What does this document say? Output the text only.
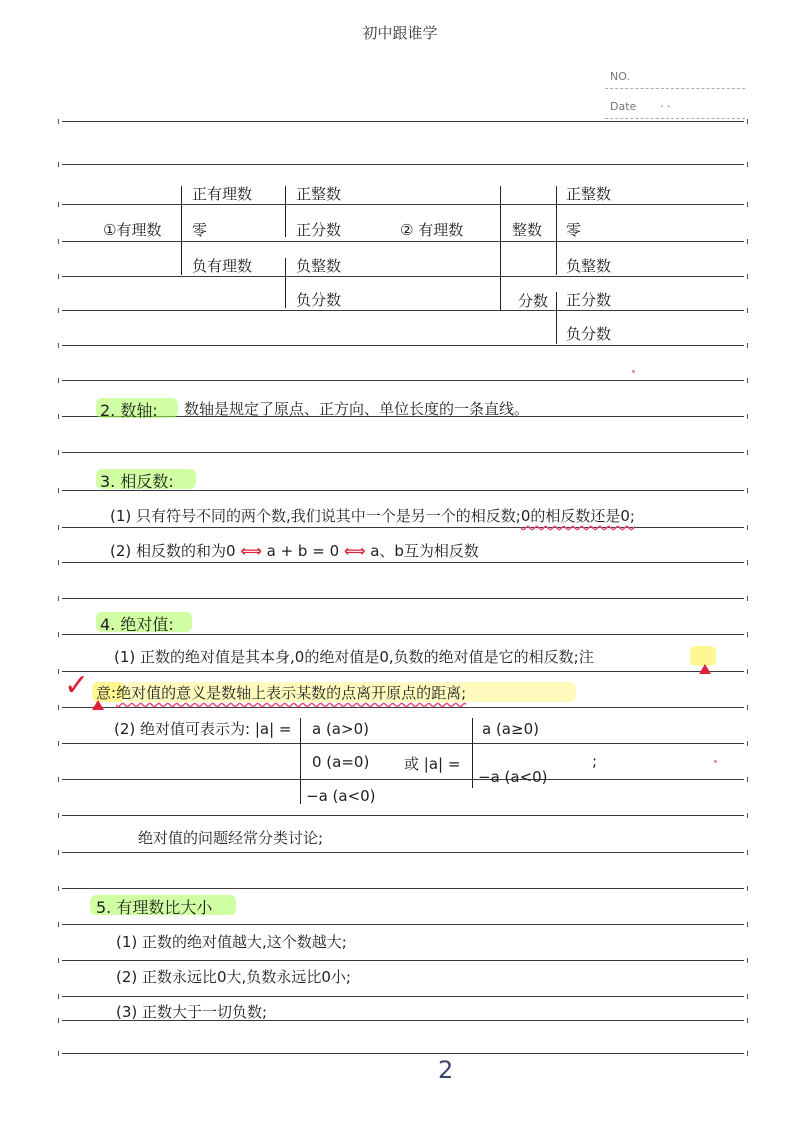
初中跟谁学
NO.
Date · ·
①有理数
正有理数
零
负有理数
正整数
正分数
负整数
负分数
② 有理数	整数
分数
正整数
零
负整数
正分数
负分数
2. 数轴: 数轴是规定了原点、正方向、单位长度的一条直线。
3. 相反数:
(1) 只有符号不同的两个数,我们说其中一个是另一个的相反数;0的相反数还是0;
(2) 相反数的和为0 ⟺ a + b = 0 ⟺ a、b互为相反数
4. 绝对值:
(1) 正数的绝对值是其本身,0的绝对值是0,负数的绝对值是它的相反数;注
✓ 意:绝对值的意义是数轴上表示某数的点离开原点的距离;
(2) 绝对值可表示为: |a| = a (a>0)
0 (a=0)
−a (a<0)
或 |a| =
a (a≥0)
−a (a<0)
;
绝对值的问题经常分类讨论;
5. 有理数比大小
(1) 正数的绝对值越大,这个数越大;
(2) 正数永远比0大,负数永远比0小;
(3) 正数大于一切负数;
2
